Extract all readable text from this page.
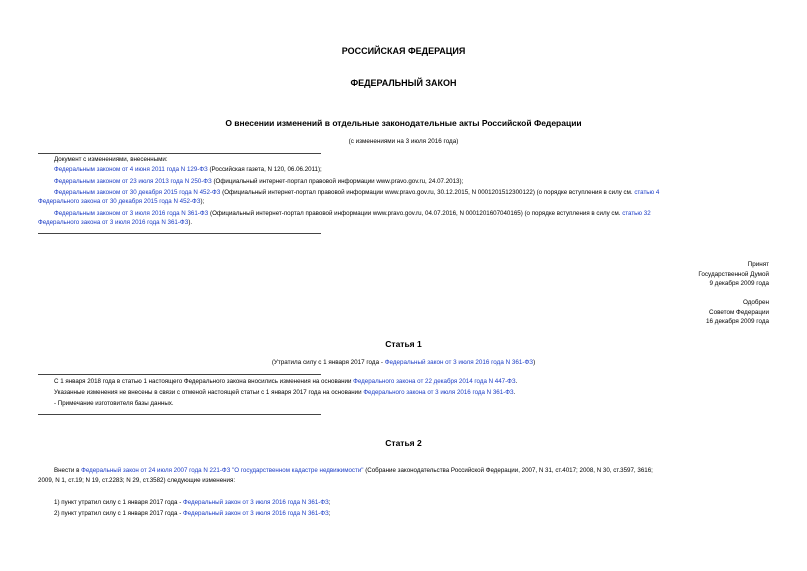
РОССИЙСКАЯ ФЕДЕРАЦИЯ
ФЕДЕРАЛЬНЫЙ ЗАКОН
О внесении изменений в отдельные законодательные акты Российской Федерации
(с изменениями на 3 июля 2016 года)
Документ с изменениями, внесенными:
Федеральным законом от 4 июня 2011 года N 129-ФЗ (Российская газета, N 120, 06.06.2011);
Федеральным законом от 23 июля 2013 года N 250-ФЗ (Официальный интернет-портал правовой информации www.pravo.gov.ru, 24.07.2013);
Федеральным законом от 30 декабря 2015 года N 452-ФЗ (Официальный интернет-портал правовой информации www.pravo.gov.ru, 30.12.2015, N 0001201512300122) (о порядке вступления в силу см. статью 4
Федерального закона от 30 декабря 2015 года N 452-ФЗ);
Федеральным законом от 3 июля 2016 года N 361-ФЗ (Официальный интернет-портал правовой информации www.pravo.gov.ru, 04.07.2016, N 0001201607040165) (о порядке вступления в силу см. статью 32
Федерального закона от 3 июля 2016 года N 361-ФЗ).
Принят
Государственной Думой
9 декабря 2009 года
Одобрен
Советом Федерации
16 декабря 2009 года
Статья 1
(Утратила силу с 1 января 2017 года - Федеральный закон от 3 июля 2016 года N 361-ФЗ)
С 1 января 2018 года в статью 1 настоящего Федерального закона вносились изменения на основании Федерального закона от 22 декабря 2014 года N 447-ФЗ.
Указанные изменения не внесены в связи с отменой настоящей статьи с 1 января 2017 года на основании Федерального закона от 3 июля 2016 года N 361-ФЗ.
- Примечание изготовителя базы данных.
Статья 2
Внести в Федеральный закон от 24 июля 2007 года N 221-ФЗ "О государственном кадастре недвижимости" (Собрание законодательства Российской Федерации, 2007, N 31, ст.4017; 2008, N 30, ст.3597, 3616;
2009, N 1, ст.19; N 19, ст.2283; N 29, ст.3582) следующие изменения:
1) пункт утратил силу с 1 января 2017 года - Федеральный закон от 3 июля 2016 года N 361-ФЗ;
2) пункт утратил силу с 1 января 2017 года - Федеральный закон от 3 июля 2016 года N 361-ФЗ;
